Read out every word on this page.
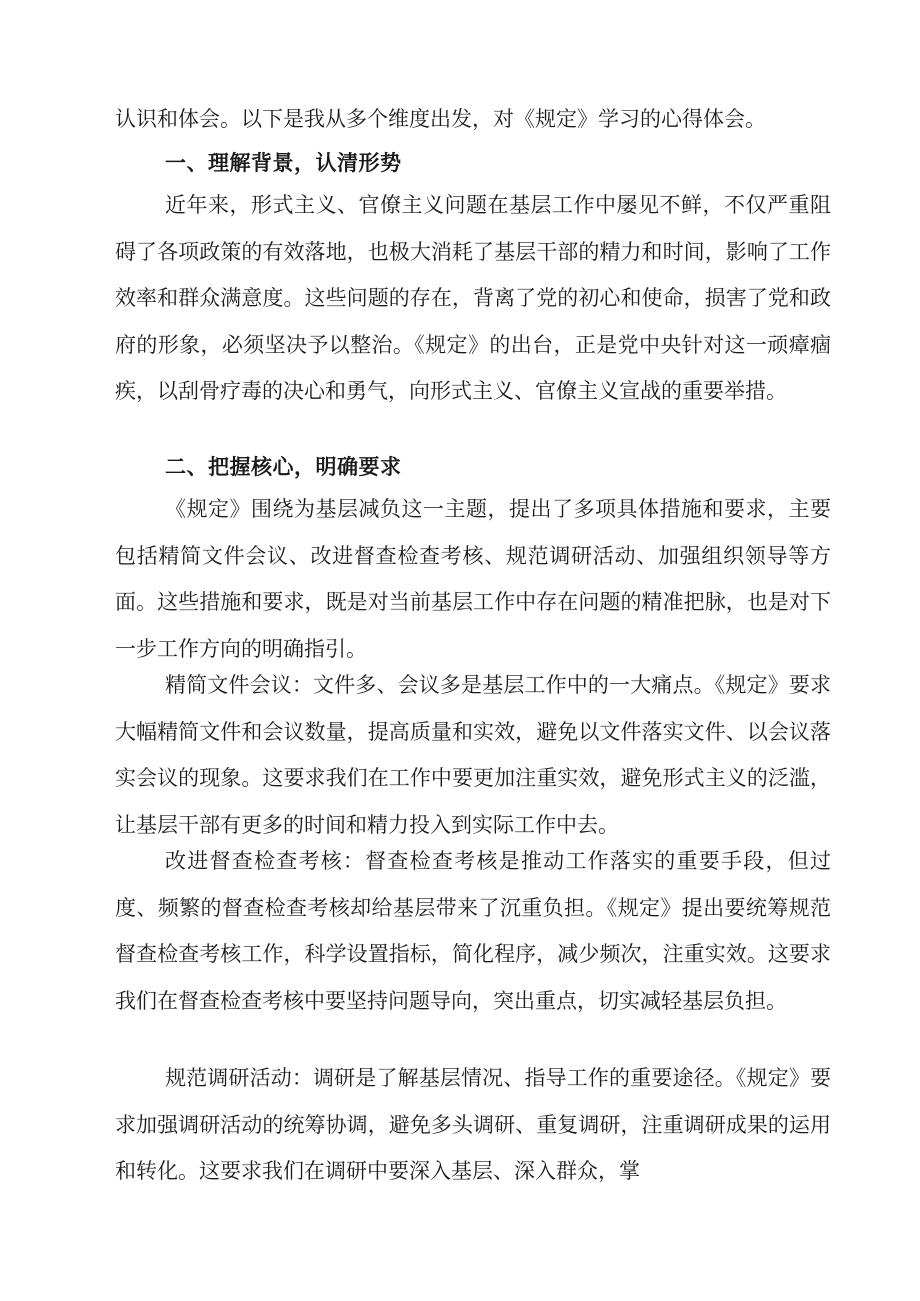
认识和体会。以下是我从多个维度出发，对《规定》学习的心得体会。

一、理解背景，认清形势

近年来，形式主义、官僚主义问题在基层工作中屡见不鲜，不仅严重阻碍了各项政策的有效落地，也极大消耗了基层干部的精力和时间，影响了工作效率和群众满意度。这些问题的存在，背离了党的初心和使命，损害了党和政府的形象，必须坚决予以整治。《规定》的出台，正是党中央针对这一顽瘴痼疾，以刮骨疗毒的决心和勇气，向形式主义、官僚主义宣战的重要举措。

二、把握核心，明确要求

《规定》围绕为基层减负这一主题，提出了多项具体措施和要求，主要包括精简文件会议、改进督查检查考核、规范调研活动、加强组织领导等方面。这些措施和要求，既是对当前基层工作中存在问题的精准把脉，也是对下一步工作方向的明确指引。

精简文件会议：文件多、会议多是基层工作中的一大痛点。《规定》要求大幅精简文件和会议数量，提高质量和实效，避免以文件落实文件、以会议落实会议的现象。这要求我们在工作中要更加注重实效，避免形式主义的泛滥，让基层干部有更多的时间和精力投入到实际工作中去。

改进督查检查考核：督查检查考核是推动工作落实的重要手段，但过度、频繁的督查检查考核却给基层带来了沉重负担。《规定》提出要统筹规范督查检查考核工作，科学设置指标，简化程序，减少频次，注重实效。这要求我们在督查检查考核中要坚持问题导向，突出重点，切实减轻基层负担。

规范调研活动：调研是了解基层情况、指导工作的重要途径。《规定》要求加强调研活动的统筹协调，避免多头调研、重复调研，注重调研成果的运用和转化。这要求我们在调研中要深入基层、深入群众，掌
